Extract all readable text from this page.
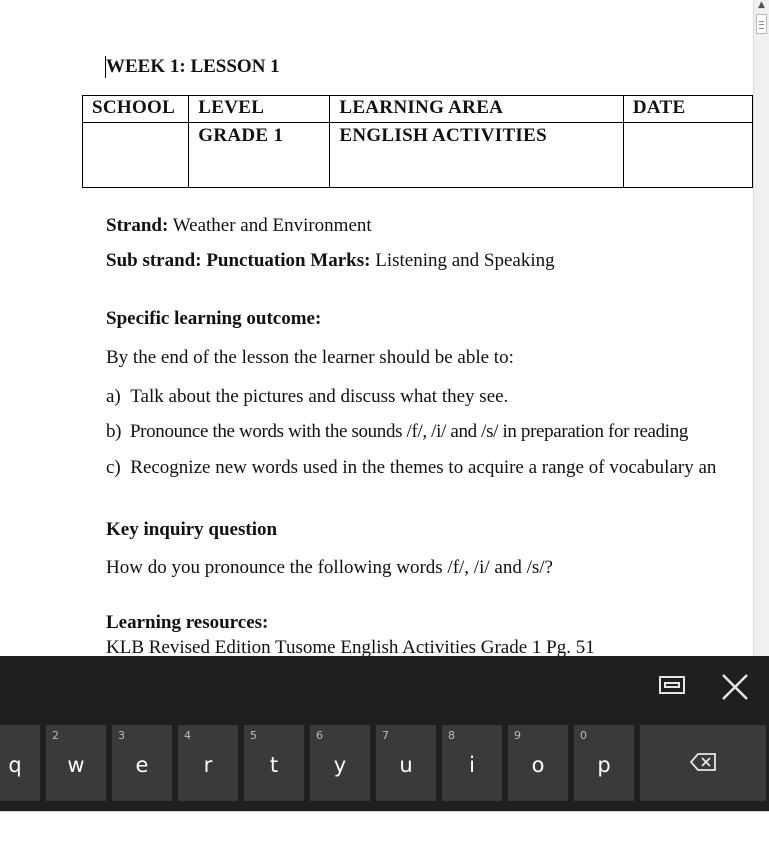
WEEK 1: LESSON 1
SCHOOL	LEVEL	LEARNING AREA	DATE
	GRADE 1	ENGLISH ACTIVITIES	
Strand: Weather and Environment
Sub strand: Punctuation Marks: Listening and Speaking
Specific learning outcome:
By the end of the lesson the learner should be able to:
a) Talk about the pictures and discuss what they see.
b) Pronounce the words with the sounds /f/, /i/ and /s/ in preparation for reading
c) Recognize new words used in the themes to acquire a range of vocabulary an
Key inquiry question
How do you pronounce the following words /f/, /i/ and /s/?
Learning resources:
KLB Revised Edition Tusome English Activities Grade 1 Pg. 51
▲
q
2
w
3
e
4
r
5
t
6
y
7
u
8
i
9
o
0
p
